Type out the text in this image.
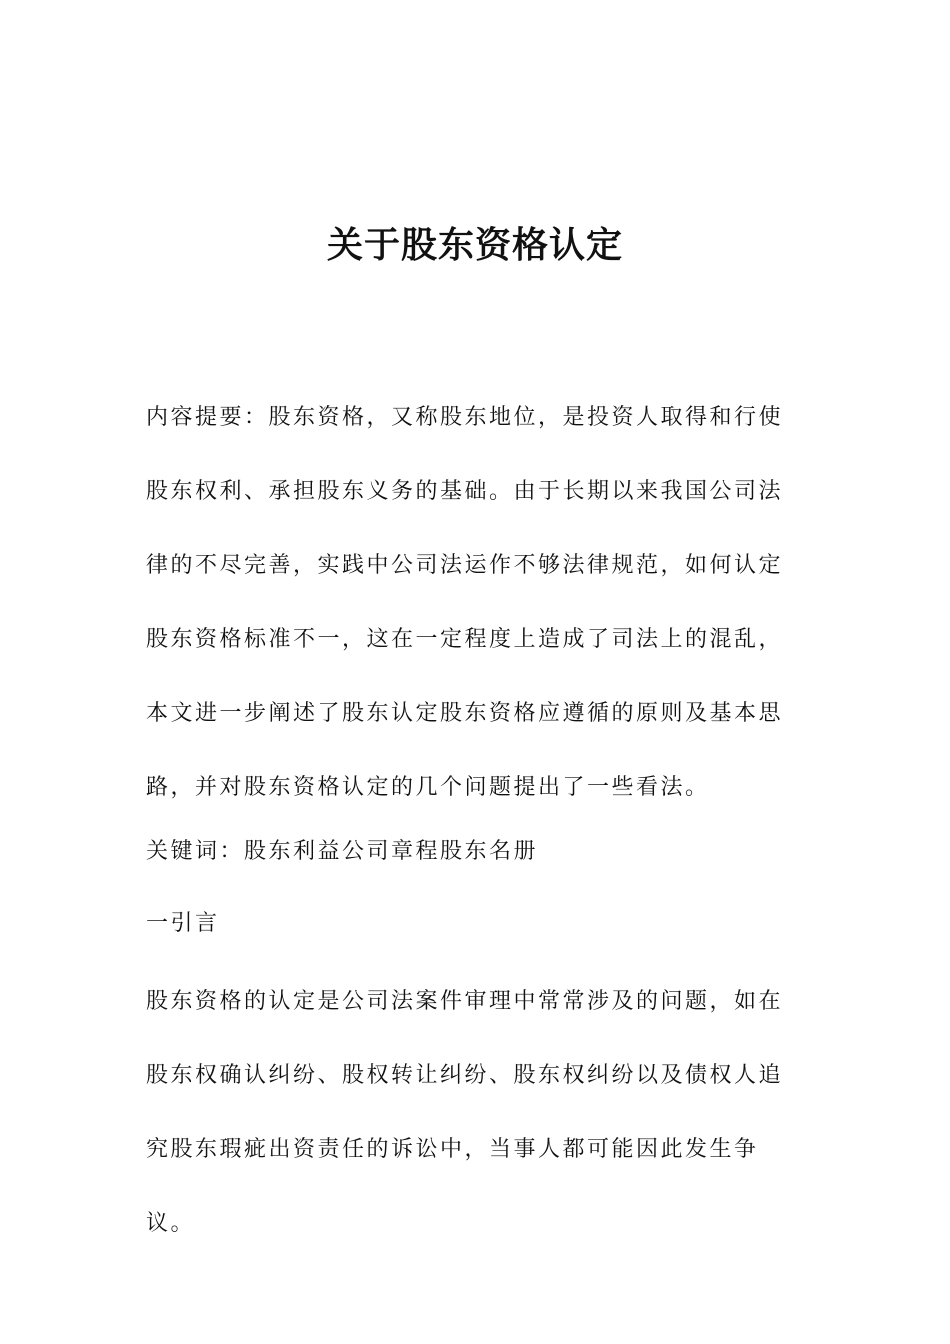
关于股东资格认定

内容提要：股东资格，又称股东地位，是投资人取得和行使股东权利、承担股东义务的基础。由于长期以来我国公司法律的不尽完善，实践中公司法运作不够法律规范，如何认定股东资格标准不一，这在一定程度上造成了司法上的混乱，本文进一步阐述了股东认定股东资格应遵循的原则及基本思路，并对股东资格认定的几个问题提出了一些看法。

关键词：股东利益公司章程股东名册

一引言

股东资格的认定是公司法案件审理中常常涉及的问题，如在股东权确认纠纷、股权转让纠纷、股东权纠纷以及债权人追究股东瑕疵出资责任的诉讼中，当事人都可能因此发生争议。
